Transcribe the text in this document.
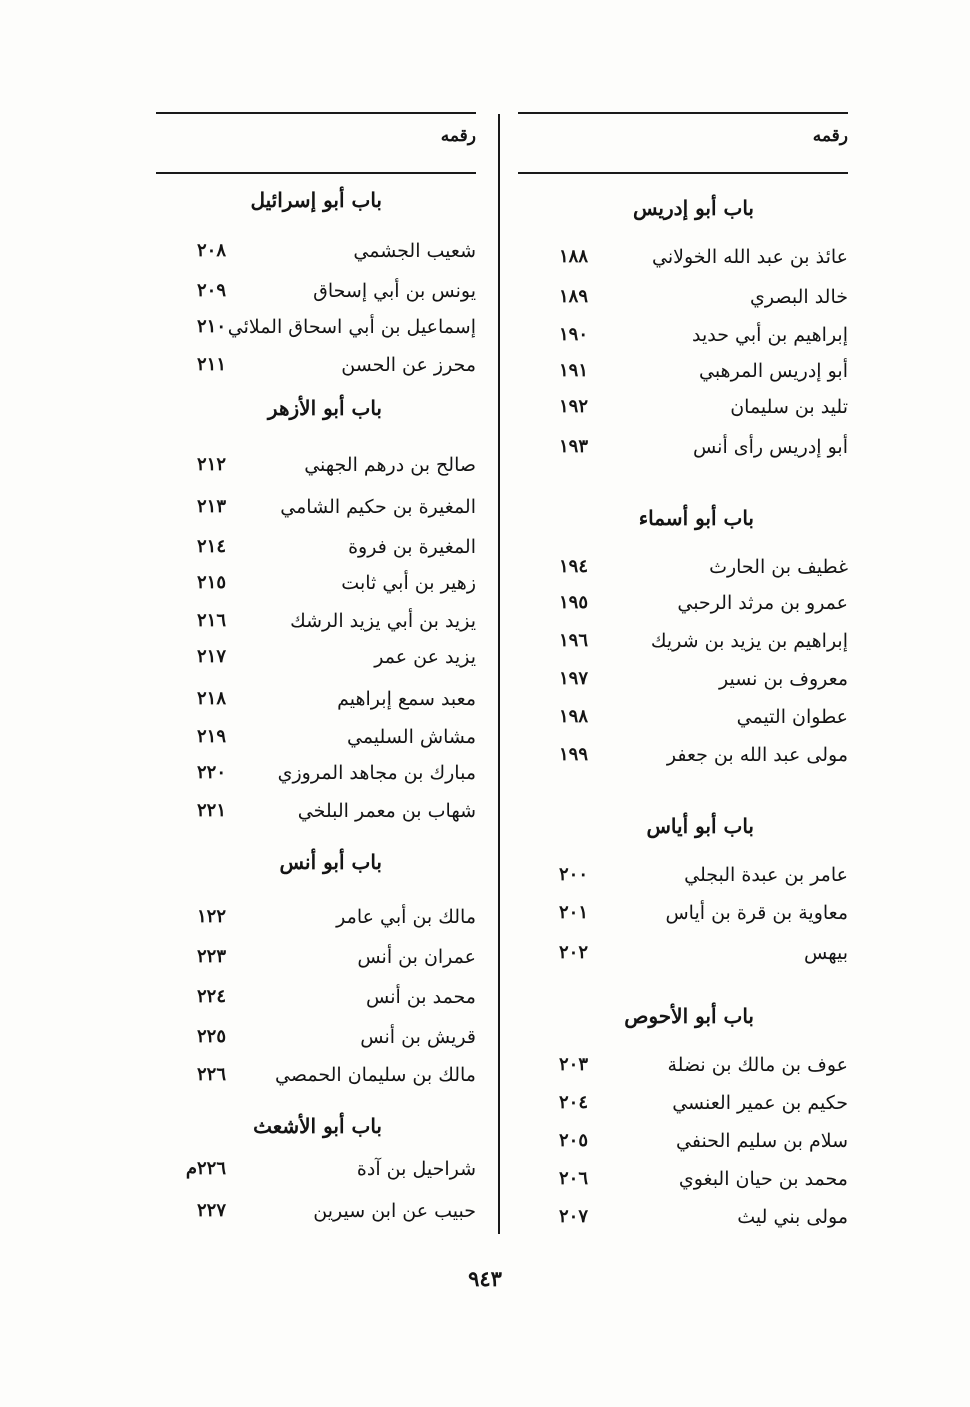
رقمه
باب أبو إدريس
عائذ بن عبد الله الخولاني
١٨٨
خالد البصري
١٨٩
إبراهيم بن أبي حديد
١٩٠
أبو إدريس المرهبي
١٩١
تليد بن سليمان
١٩٢
أبو إدريس رأى أنس
١٩٣
باب أبو أسماء
غطيف بن الحارث
١٩٤
عمرو بن مرثد الرحبي
١٩٥
إبراهيم بن يزيد بن شريك
١٩٦
معروف بن نسير
١٩٧
عطوان التيمي
١٩٨
مولى عبد الله بن جعفر
١٩٩
باب أبو أياس
عامر بن عبدة البجلي
٢٠٠
معاوية بن قرة بن أياس
٢٠١
بيهس
٢٠٢
باب أبو الأحوص
عوف بن مالك بن نضلة
٢٠٣
حكيم بن عمير العنسي
٢٠٤
سلام بن سليم الحنفي
٢٠٥
محمد بن حيان البغوي
٢٠٦
مولى بني ليث
٢٠٧
رقمه
باب أبو إسرائيل
شعيب الجشمي
٢٠٨
يونس بن أبي إسحاق
٢٠٩
إسماعيل بن أبي اسحاق الملائي
٢١٠
محرز عن الحسن
٢١١
باب أبو الأزهر
صالح بن درهم الجهني
٢١٢
المغيرة بن حكيم الشامي
٢١٣
المغيرة بن فروة
٢١٤
زهير بن أبي ثابت
٢١٥
يزيد بن أبي يزيد الرشك
٢١٦
يزيد عن عمر
٢١٧
معبد سمع إبراهيم
٢١٨
مشاش السليمي
٢١٩
مبارك بن مجاهد المروزي
٢٢٠
شهاب بن معمر البلخي
٢٢١
باب أبو أنس
مالك بن أبي عامر
١٢٢
عمران بن أنس
٢٢٣
محمد بن أنس
٢٢٤
قريش بن أنس
٢٢٥
مالك بن سليمان الحمصي
٢٢٦
باب أبو الأشعث
شراحيل بن آدة
٢٢٦م
حبيب عن ابن سيرين
٢٢٧
٩٤٣
